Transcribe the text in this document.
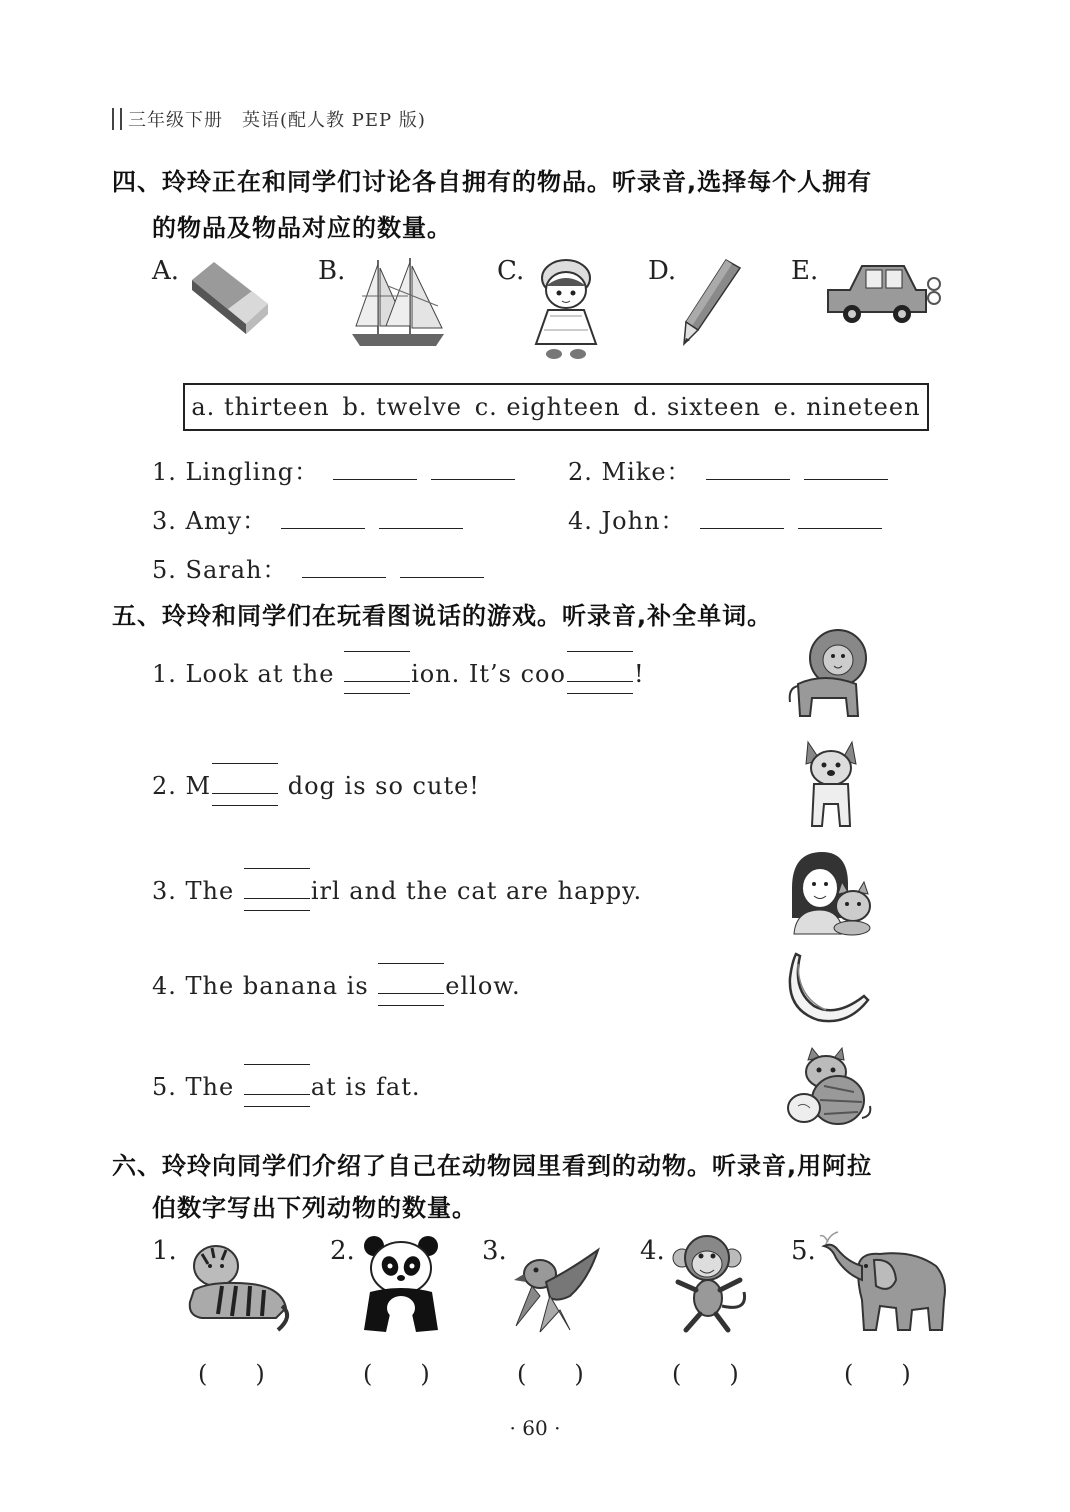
三年级下册　英语(配人教 PEP 版)
四、玲玲正在和同学们讨论各自拥有的物品。听录音,选择每个人拥有
的物品及物品对应的数量。
A.	B.	C.	D.	E.
a. thirteen b. twelve c. eighteen d. sixteen e. nineteen
1. Lingling：	2. Mike：
3. Amy：	4. John：
5. Sarah：
五、玲玲和同学们在玩看图说话的游戏。听录音,补全单词。
1. Look at the	ion. It’s coo	!
2. M	dog is so cute!
3. The	irl and the cat are happy.
4. The banana is	ellow.
5. The	at is fat.
六、玲玲向同学们介绍了自己在动物园里看到的动物。听录音,用阿拉
伯数字写出下列动物的数量。
1.	2.	3.	4.	5.
(　　)	(　　)	(　　)	(　　)	(　　)
· 60 ·
